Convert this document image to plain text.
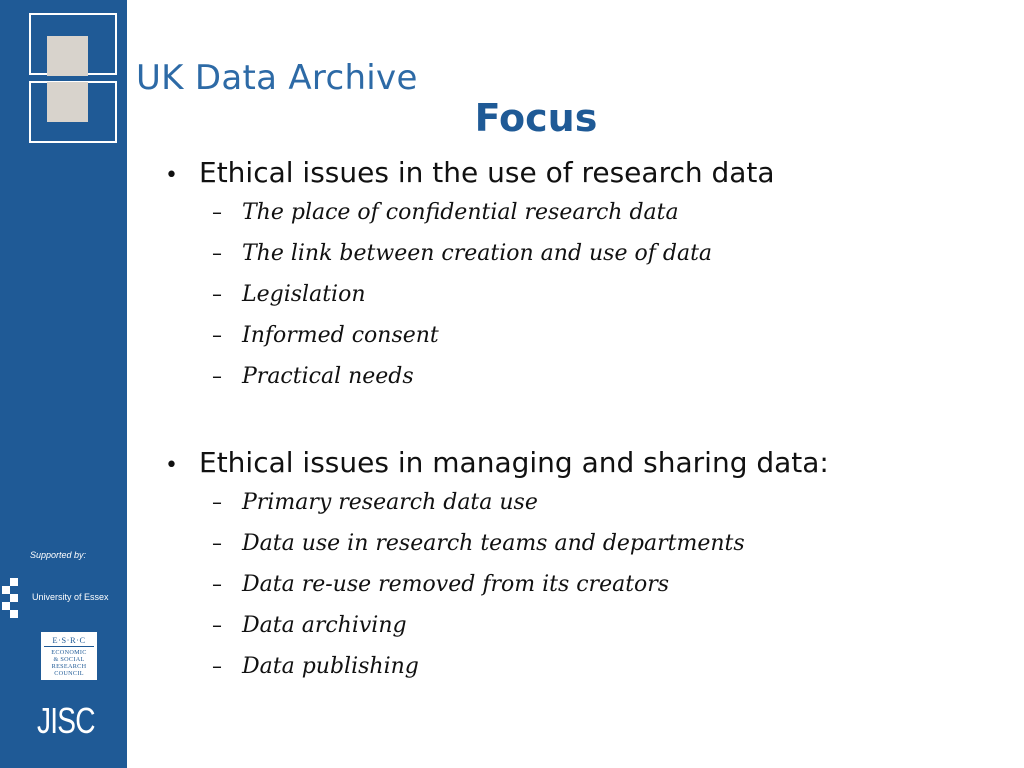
Supported by:
University of Essex
E·S·R·C
ECONOMIC
& SOCIAL
RESEARCH
COUNCIL
JISC
UK Data Archive
Focus
• Ethical issues in the use of research data
– The place of confidential research data
– The link between creation and use of data
– Legislation
– Informed consent
– Practical needs
• Ethical issues in managing and sharing data:
– Primary research data use
– Data use in research teams and departments
– Data re-use removed from its creators
– Data archiving
– Data publishing
